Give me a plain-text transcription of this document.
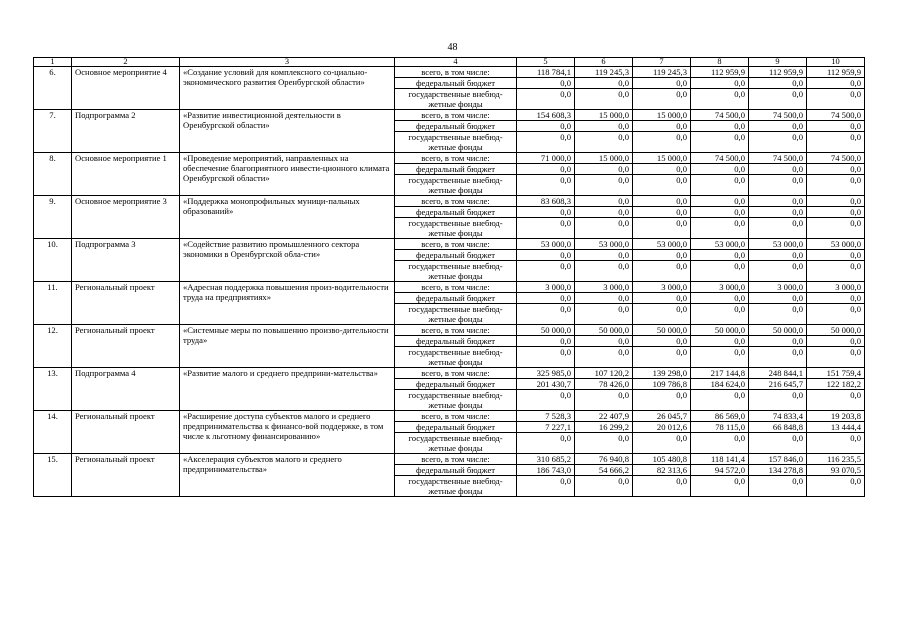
48
1	2	3	4	5	6	7	8	9	10
6.	Основное мероприятие 4	«Создание условий для комплексного со-циально-экономического развития Оренбургской области»	всего, в том числе:	118 784,1	119 245,3	119 245,3	112 959,9	112 959,9	112 959,9
			федеральный бюджет	0,0	0,0	0,0	0,0	0,0	0,0
			государственные внебюд-жетные фонды	0,0	0,0	0,0	0,0	0,0	0,0
7.	Подпрограмма 2	«Развитие инвестиционной деятельности в Оренбургской области»	всего, в том числе:	154 608,3	15 000,0	15 000,0	74 500,0	74 500,0	74 500,0
			федеральный бюджет	0,0	0,0	0,0	0,0	0,0	0,0
			государственные внебюд-жетные фонды	0,0	0,0	0,0	0,0	0,0	0,0
8.	Основное мероприятие 1	«Проведение мероприятий, направленных на обеспечение благоприятного инвести-ционного климата Оренбургской области»	всего, в том числе:	71 000,0	15 000,0	15 000,0	74 500,0	74 500,0	74 500,0
			федеральный бюджет	0,0	0,0	0,0	0,0	0,0	0,0
			государственные внебюд-жетные фонды	0,0	0,0	0,0	0,0	0,0	0,0
9.	Основное мероприятие 3	«Поддержка монопрофильных муници-пальных образований»	всего, в том числе:	83 608,3	0,0	0,0	0,0	0,0	0,0
			федеральный бюджет	0,0	0,0	0,0	0,0	0,0	0,0
			государственные внебюд-жетные фонды	0,0	0,0	0,0	0,0	0,0	0,0
10.	Подпрограмма 3	«Содействие развитию промышленного сектора экономики в Оренбургской обла-сти»	всего, в том числе:	53 000,0	53 000,0	53 000,0	53 000,0	53 000,0	53 000,0
			федеральный бюджет	0,0	0,0	0,0	0,0	0,0	0,0
			государственные внебюд-жетные фонды	0,0	0,0	0,0	0,0	0,0	0,0
11.	Региональный проект	«Адресная поддержка повышения произ-водительности труда на предприятиях»	всего, в том числе:	3 000,0	3 000,0	3 000,0	3 000,0	3 000,0	3 000,0
			федеральный бюджет	0,0	0,0	0,0	0,0	0,0	0,0
			государственные внебюд-жетные фонды	0,0	0,0	0,0	0,0	0,0	0,0
12.	Региональный проект	«Системные меры по повышению произво-дительности труда»	всего, в том числе:	50 000,0	50 000,0	50 000,0	50 000,0	50 000,0	50 000,0
			федеральный бюджет	0,0	0,0	0,0	0,0	0,0	0,0
			государственные внебюд-жетные фонды	0,0	0,0	0,0	0,0	0,0	0,0
13.	Подпрограмма 4	«Развитие малого и среднего предприни-мательства»	всего, в том числе:	325 985,0	107 120,2	139 298,0	217 144,8	248 844,1	151 759,4
			федеральный бюджет	201 430,7	78 426,0	109 786,8	184 624,0	216 645,7	122 182,2
			государственные внебюд-жетные фонды	0,0	0,0	0,0	0,0	0,0	0,0
14.	Региональный проект	«Расширение доступа субъектов малого и среднего предпринимательства к финансо-вой поддержке, в том числе к льготному финансированию»	всего, в том числе:	7 528,3	22 407,9	26 045,7	86 569,0	74 833,4	19 203,8
			федеральный бюджет	7 227,1	16 299,2	20 012,6	78 115,0	66 848,8	13 444,4
			государственные внебюд-жетные фонды	0,0	0,0	0,0	0,0	0,0	0,0
15.	Региональный проект	«Акселерация субъектов малого и среднего предпринимательства»	всего, в том числе:	310 685,2	76 940,8	105 480,8	118 141,4	157 846,0	116 235,5
			федеральный бюджет	186 743,0	54 666,2	82 313,6	94 572,0	134 278,8	93 070,5
			государственные внебюд-жетные фонды	0,0	0,0	0,0	0,0	0,0	0,0
